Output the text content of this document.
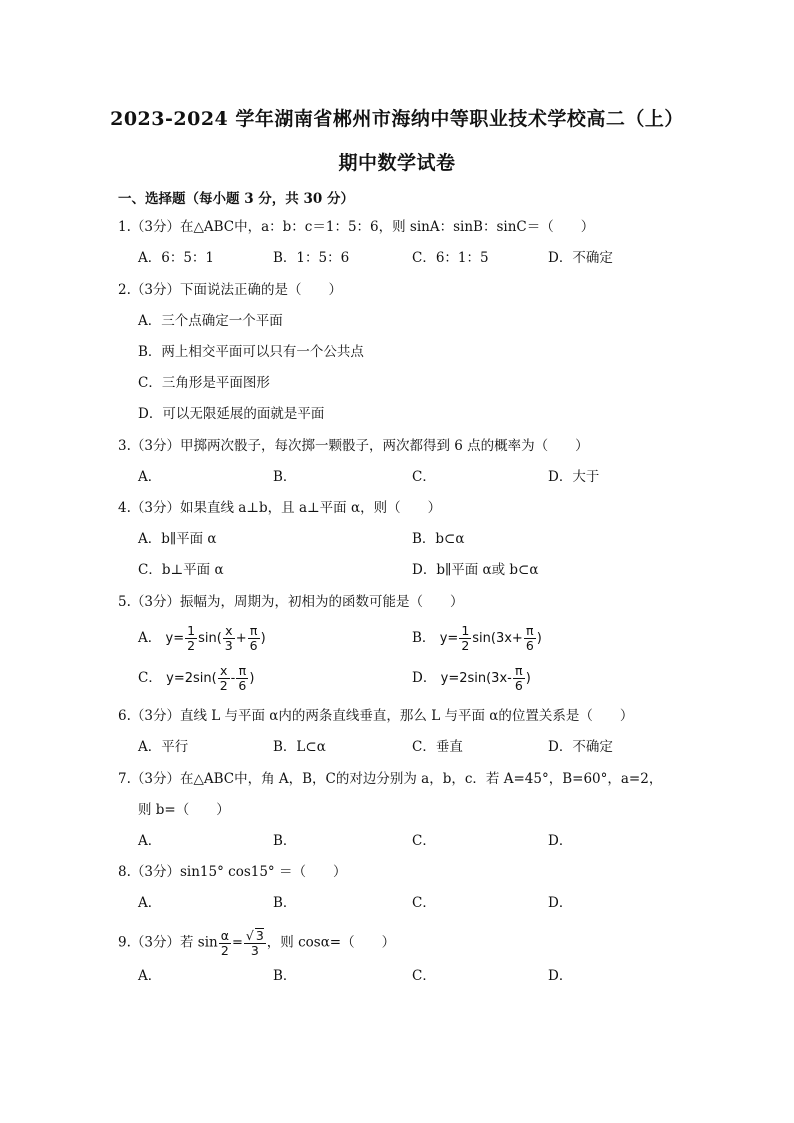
2023-2024 学年湖南省郴州市海纳中等职业技术学校高二（上）
期中数学试卷
一、选择题（每小题 3 分，共 30 分）
1.（3分）在△ABC中，a：b：c＝1：5：6，则 sinA：sinB：sinC＝（　　）
A．6：5：1	B．1：5：6	C．6：1：5	D．不确定
2.（3分）下面说法正确的是（　　）
A．三个点确定一个平面
B．两上相交平面可以只有一个公共点
C．三角形是平面图形
D．可以无限延展的面就是平面
3.（3分）甲掷两次骰子，每次掷一颗骰子，两次都得到 6 点的概率为（　　）
A．	B．	C．	D．大于
4.（3分）如果直线 a⊥b，且 a⊥平面 α，则（　　）
A．b∥平面 α	B．b⊂α
C．b⊥平面 α	D．b∥平面 α或 b⊂α
5.（3分）振幅为，周期为，初相为的函数可能是（　　）
A． $y= \frac{1}{2} \sin( \frac{x}{3} + \frac{\pi}{6}$ )	B． $y= \frac{1}{2} \sin(3x+ \frac{\pi}{6}$ )
C． $y=2\sin( \frac{x}{2} - \frac{\pi}{6}$ )	D． $y=2\sin(3x- \frac{\pi}{6}$ )
6.（3分）直线 L 与平面 α内的两条直线垂直，那么 L 与平面 α的位置关系是（　　）
A．平行	B．L⊂α	C．垂直	D．不确定
7.（3分）在△ABC中，角 A，B，C的对边分别为 a，b，c．若 A=45°，B=60°，a=2，
则 b=（　　）
A．	B．	C．	D．
8.（3分）sin15° cos15° ＝（　　）
A．	B．	C．	D．
9.（3分）若 $\sin \frac{\alpha}{2} = \frac{√ 3}{3}$ ，则 cosα=（　　）
A．	B．	C．	D．
